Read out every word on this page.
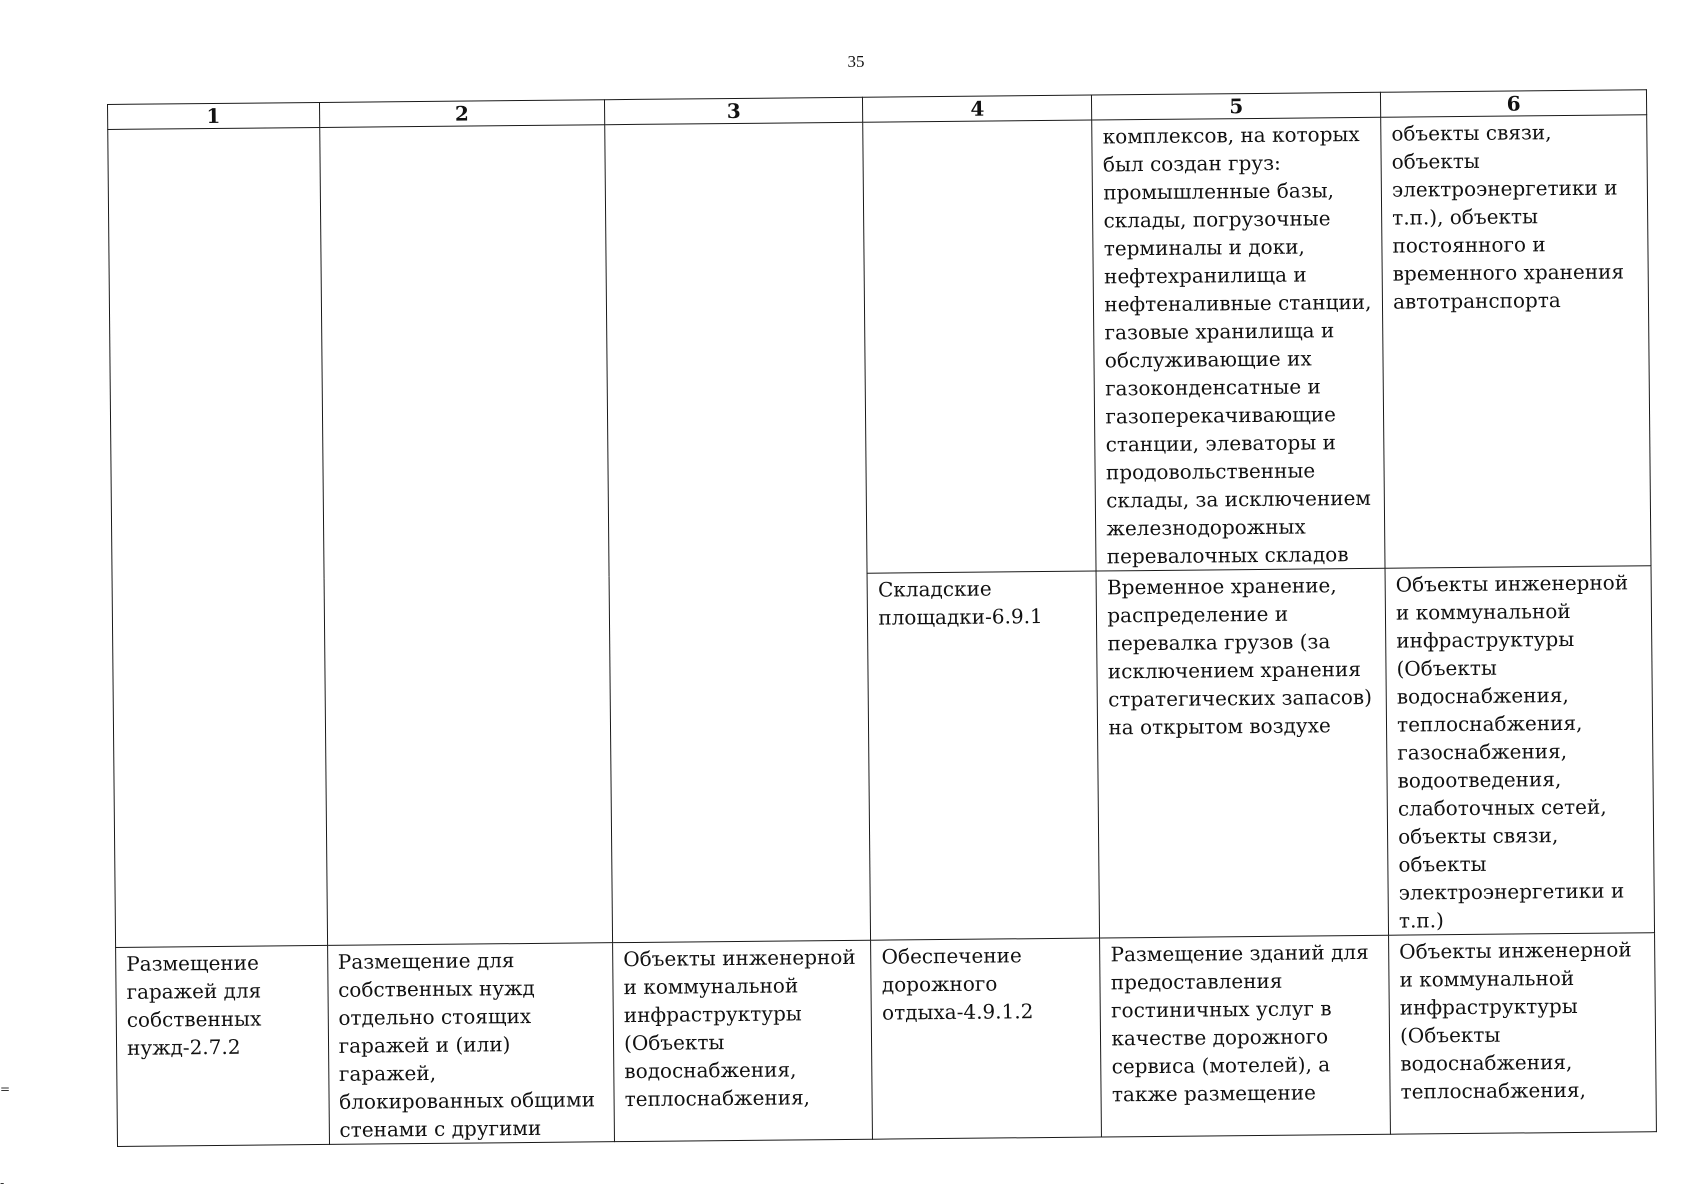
35
1	2	3	4	5	6
				комплексов, на которых был создан груз: промышленные базы, склады, погрузочные терминалы и доки, нефтехранилища и нефтеналивные станции, газовые хранилища и обслуживающие их газоконденсатные и газоперекачивающие станции, элеваторы и продовольственные склады, за исключением железнодорожных перевалочных складов	объекты связи, объекты электроэнергетики и т.п.), объекты постоянного и временного хранения автотранспорта
			Складские площадки-6.9.1	Временное хранение, распределение и перевалка грузов (за исключением хранения стратегических запасов) на открытом воздухе	Объекты инженерной и коммунальной инфраструктуры (Объекты водоснабжения, теплоснабжения, газоснабжения, водоотведения, слаботочных сетей, объекты связи, объекты электроэнергетики и т.п.)
Размещение гаражей для собственных нужд-2.7.2	Размещение для собственных нужд отдельно стоящих гаражей и (или) гаражей, блокированных общими стенами с другими	Объекты инженерной и коммунальной инфраструктуры (Объекты водоснабжения, теплоснабжения,	Обеспечение дорожного отдыха-4.9.1.2	Размещение зданий для предоставления гостиничных услуг в качестве дорожного сервиса (мотелей), а также размещение	Объекты инженерной и коммунальной инфраструктуры (Объекты водоснабжения, теплоснабжения,
=
-
